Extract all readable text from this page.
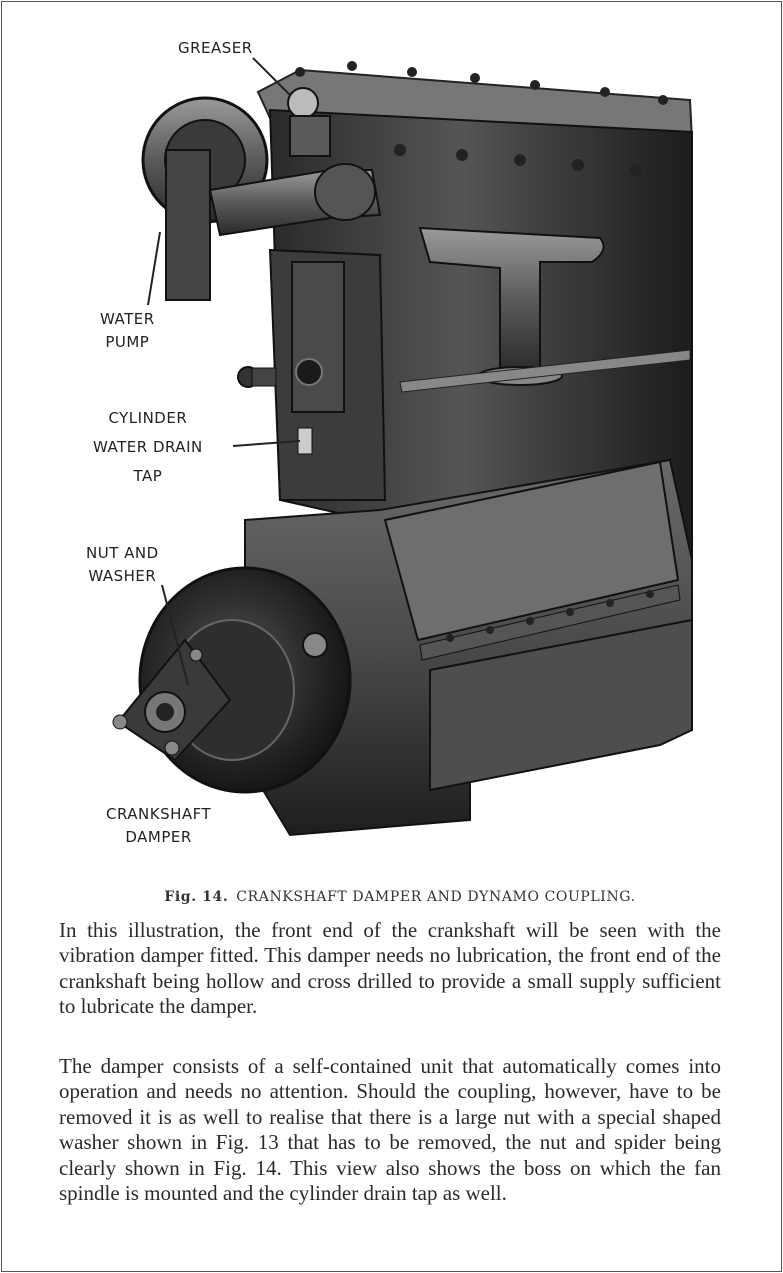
GREASER
WATER
PUMP
CYLINDER
WATER DRAIN
TAP
NUT AND
WASHER
CRANKSHAFT
DAMPER
Fig. 14. CRANKSHAFT DAMPER AND DYNAMO COUPLING.

In this illustration, the front end of the crankshaft will be seen with the vibration damper fitted. This damper needs no lubrication, the front end of the crankshaft being hollow and cross drilled to provide a small supply sufficient to lubricate the damper.

The damper consists of a self-contained unit that automatically comes into operation and needs no attention. Should the coupling, however, have to be removed it is as well to realise that there is a large nut with a special shaped washer shown in Fig. 13 that has to be removed, the nut and spider being clearly shown in Fig. 14. This view also shows the boss on which the fan spindle is mounted and the cylinder drain tap as well.
